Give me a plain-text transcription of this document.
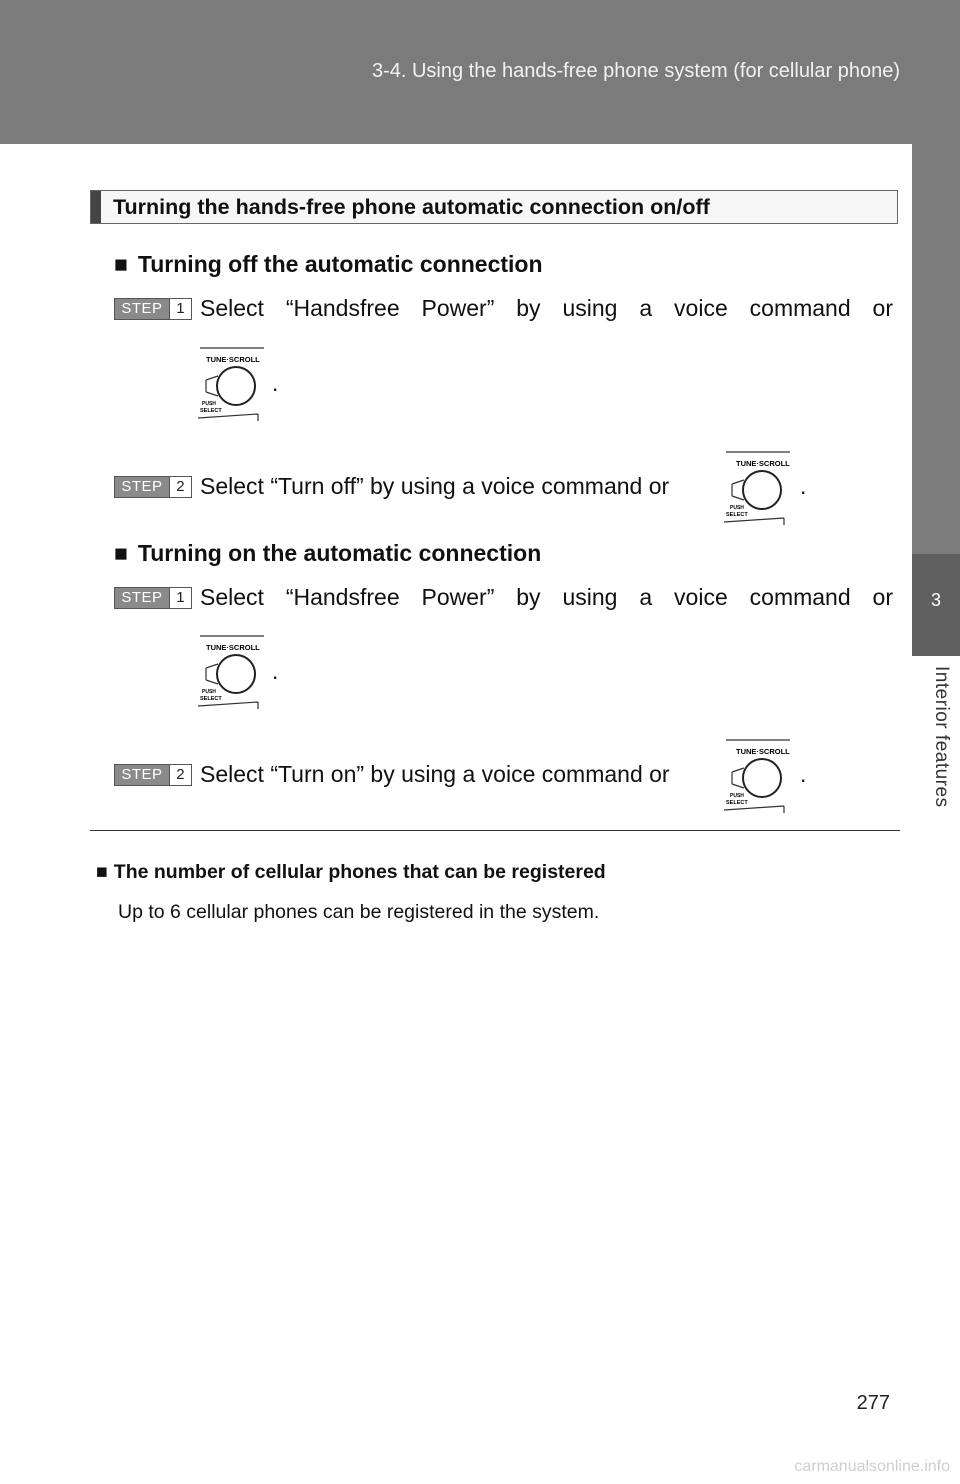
3-4. Using the hands-free phone system (for cellular phone)
3
Interior features
Turning the hands-free phone automatic connection on/off
■ Turning off the automatic connection
STEP 1 Select “Handsfree Power” by using a voice command or
TUNE·SCROLL
PUSH
SELECT
.
STEP 2 Select “Turn off” by using a voice command or
TUNE·SCROLL
PUSH
SELECT
.
■ Turning on the automatic connection
STEP 1 Select “Handsfree Power” by using a voice command or
TUNE·SCROLL
PUSH
SELECT
.
STEP 2 Select “Turn on” by using a voice command or
TUNE·SCROLL
PUSH
SELECT
.
■ The number of cellular phones that can be registered
Up to 6 cellular phones can be registered in the system.
277
carmanualsonline.info
